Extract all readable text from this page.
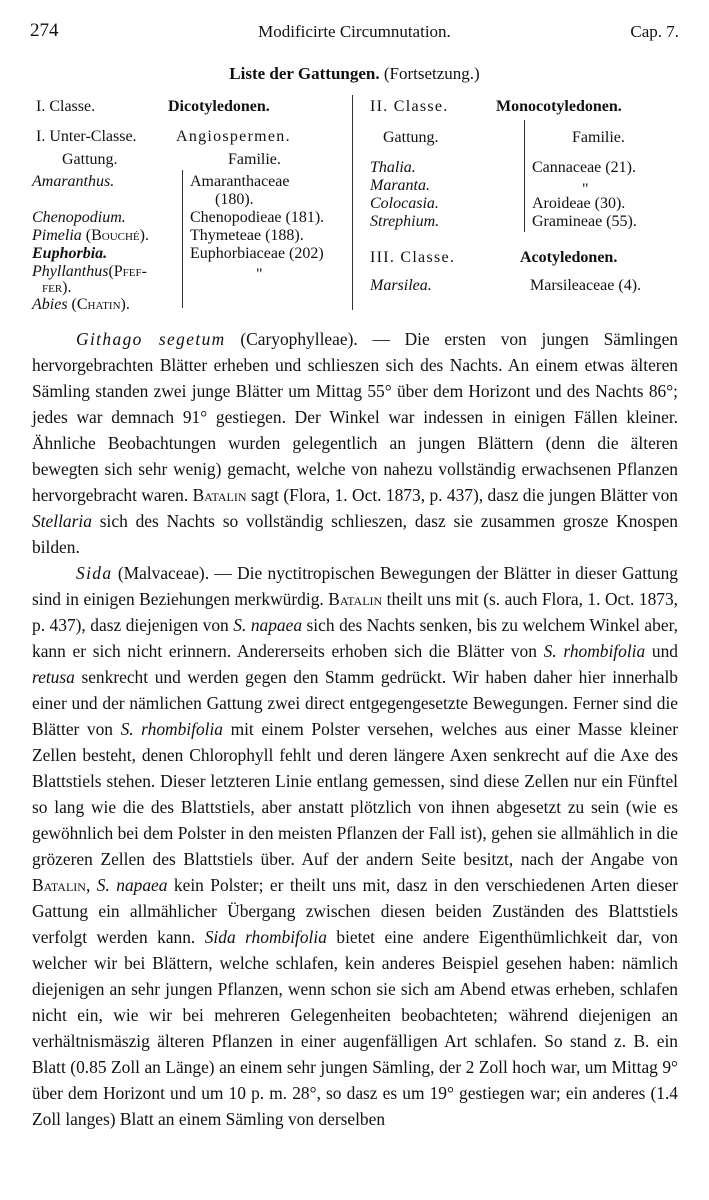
274	Modificirte Circumnutation.	Cap. 7.
Liste der Gattungen. (Fortsetzung.)
I. Classe.	Dicotyledonen.
I. Unter-Classe. Angiospermen.
Gattung.	Familie.
Amaranthus.	Amaranthaceae
(180).
Chenopodium.	Chenopodieae (181).
Pimelia (Bouché).	Thymeteae (188).
Euphorbia.	Euphorbiaceae (202)
Phyllanthus(Pfef-	"
fer).
Abies (Chatin).
II. Classe.	Monocotyledonen.
Gattung.	Familie.
Thalia.	Cannaceae (21).
Maranta.	"
Colocasia.	Aroideae (30).
Strephium.	Gramineae (55).
III. Classe.	Acotyledonen.
Marsilea.	Marsileaceae (4).

Githago segetum (Caryophylleae). — Die ersten von jungen Sämlingen hervorgebrachten Blätter erheben und schlieszen sich des Nachts. An einem etwas älteren Sämling standen zwei junge Blätter um Mittag 55° über dem Horizont und des Nachts 86°; jedes war demnach 91° gestiegen. Der Winkel war indessen in einigen Fällen kleiner. Ähnliche Beobachtungen wurden gelegentlich an jungen Blättern (denn die älteren bewegten sich sehr wenig) gemacht, welche von nahezu vollständig erwachsenen Pflanzen hervorgebracht waren. Batalin sagt (Flora, 1. Oct. 1873, p. 437), dasz die jungen Blätter von Stellaria sich des Nachts so vollständig schlieszen, dasz sie zusammen grosze Knospen bilden.

Sida (Malvaceae). — Die nyctitropischen Bewegungen der Blätter in dieser Gattung sind in einigen Beziehungen merkwürdig. Batalin theilt uns mit (s. auch Flora, 1. Oct. 1873, p. 437), dasz diejenigen von S. napaea sich des Nachts senken, bis zu welchem Winkel aber, kann er sich nicht erinnern. Andererseits erhoben sich die Blätter von S. rhombifolia und retusa senkrecht und werden gegen den Stamm gedrückt. Wir haben daher hier innerhalb einer und der nämlichen Gattung zwei direct entgegengesetzte Bewegungen. Ferner sind die Blätter von S. rhombifolia mit einem Polster versehen, welches aus einer Masse kleiner Zellen besteht, denen Chlorophyll fehlt und deren längere Axen senkrecht auf die Axe des Blattstiels stehen. Dieser letzteren Linie entlang gemessen, sind diese Zellen nur ein Fünftel so lang wie die des Blattstiels, aber anstatt plötzlich von ihnen abgesetzt zu sein (wie es gewöhnlich bei dem Polster in den meisten Pflanzen der Fall ist), gehen sie allmählich in die grözeren Zellen des Blattstiels über. Auf der andern Seite besitzt, nach der Angabe von Batalin, S. napaea kein Polster; er theilt uns mit, dasz in den verschiedenen Arten dieser Gattung ein allmählicher Übergang zwischen diesen beiden Zuständen des Blattstiels verfolgt werden kann. Sida rhombifolia bietet eine andere Eigenthümlichkeit dar, von welcher wir bei Blättern, welche schlafen, kein anderes Beispiel gesehen haben: nämlich diejenigen an sehr jungen Pflanzen, wenn schon sie sich am Abend etwas erheben, schlafen nicht ein, wie wir bei mehreren Gelegenheiten beobachteten; während diejenigen an verhältnismäszig älteren Pflanzen in einer augenfälligen Art schlafen. So stand z. B. ein Blatt (0.85 Zoll an Länge) an einem sehr jungen Sämling, der 2 Zoll hoch war, um Mittag 9° über dem Horizont und um 10 p. m. 28°, so dasz es um 19° gestiegen war; ein anderes (1.4 Zoll langes) Blatt an einem Sämling von derselben
